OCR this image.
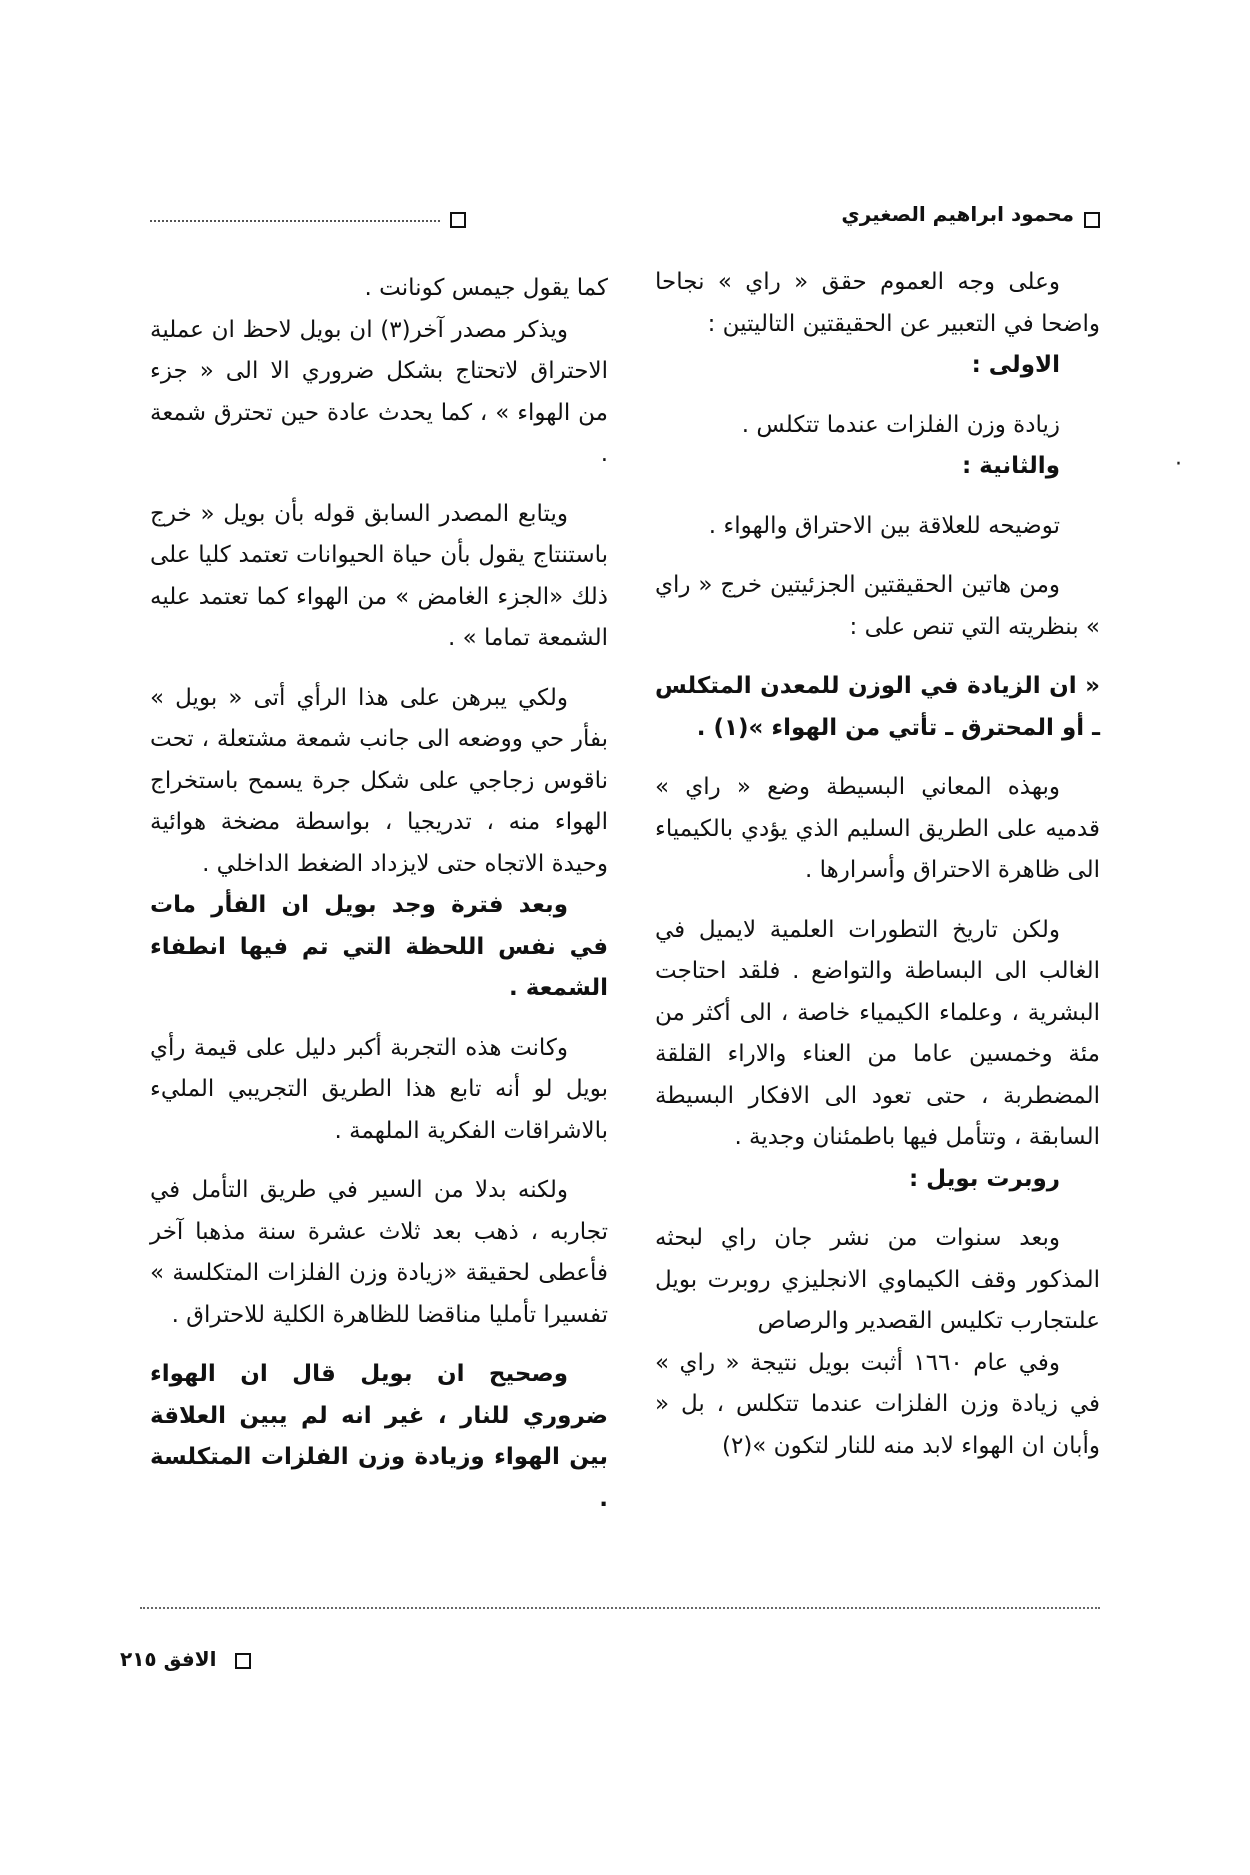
محمود ابراهيم الصغيري

وعلى وجه العموم حقق « راي » نجاحا واضحا في التعبير عن الحقيقتين التاليتين :

الاولى :

زيادة وزن الفلزات عندما تتكلس .

والثانية :

توضيحه للعلاقة بين الاحتراق والهواء .

ومن هاتين الحقيقتين الجزئيتين خرج « راي » بنظريته التي تنص على :

« ان الزيادة في الوزن للمعدن المتكلس ـ أو المحترق ـ تأتي من الهواء »(١) .

وبهذه المعاني البسيطة وضع « راي » قدميه على الطريق السليم الذي يؤدي بالكيمياء الى ظاهرة الاحتراق وأسرارها .

ولكن تاريخ التطورات العلمية لايميل في الغالب الى البساطة والتواضع . فلقد احتاجت البشرية ، وعلماء الكيمياء خاصة ، الى أكثر من مئة وخمسين عاما من العناء والاراء القلقة المضطربة ، حتى تعود الى الافكار البسيطة السابقة ، وتتأمل فيها باطمئنان وجدية .

روبرت بويل :

وبعد سنوات من نشر جان راي لبحثه المذكور وقف الكيماوي الانجليزي روبرت بويل علىتجارب تكليس القصدير والرصاص

وفي عام ١٦٦٠ أثبت بويل نتيجة « راي » في زيادة وزن الفلزات عندما تتكلس ، بل « وأبان ان الهواء لابد منه للنار لتكون »(٢)

كما يقول جيمس كونانت .

ويذكر مصدر آخر(٣) ان بويل لاحظ ان عملية الاحتراق لاتحتاج بشكل ضروري الا الى « جزء من الهواء » ، كما يحدث عادة حين تحترق شمعة .

ويتابع المصدر السابق قوله بأن بويل « خرج باستنتاج يقول بأن حياة الحيوانات تعتمد كليا على ذلك «الجزء الغامض » من الهواء كما تعتمد عليه الشمعة تماما » .

ولكي يبرهن على هذا الرأي أتى « بويل » بفأر حي ووضعه الى جانب شمعة مشتعلة ، تحت ناقوس زجاجي على شكل جرة يسمح باستخراج الهواء منه ، تدريجيا ، بواسطة مضخة هوائية وحيدة الاتجاه حتى لايزداد الضغط الداخلي .

وبعد فترة وجد بويل ان الفأر مات في نفس اللحظة التي تم فيها انطفاء الشمعة .

وكانت هذه التجربة أكبر دليل على قيمة رأي بويل لو أنه تابع هذا الطريق التجريبي المليء بالاشراقات الفكرية الملهمة .

ولكنه بدلا من السير في طريق التأمل في تجاربه ، ذهب بعد ثلاث عشرة سنة مذهبا آخر فأعطى لحقيقة «زيادة وزن الفلزات المتكلسة » تفسيرا تأمليا مناقضا للظاهرة الكلية للاحتراق .

وصحيح ان بويل قال ان الهواء ضروري للنار ، غير انه لم يبين العلاقة بين الهواء وزيادة وزن الفلزات المتكلسة .

الافق ٢١٥
·
